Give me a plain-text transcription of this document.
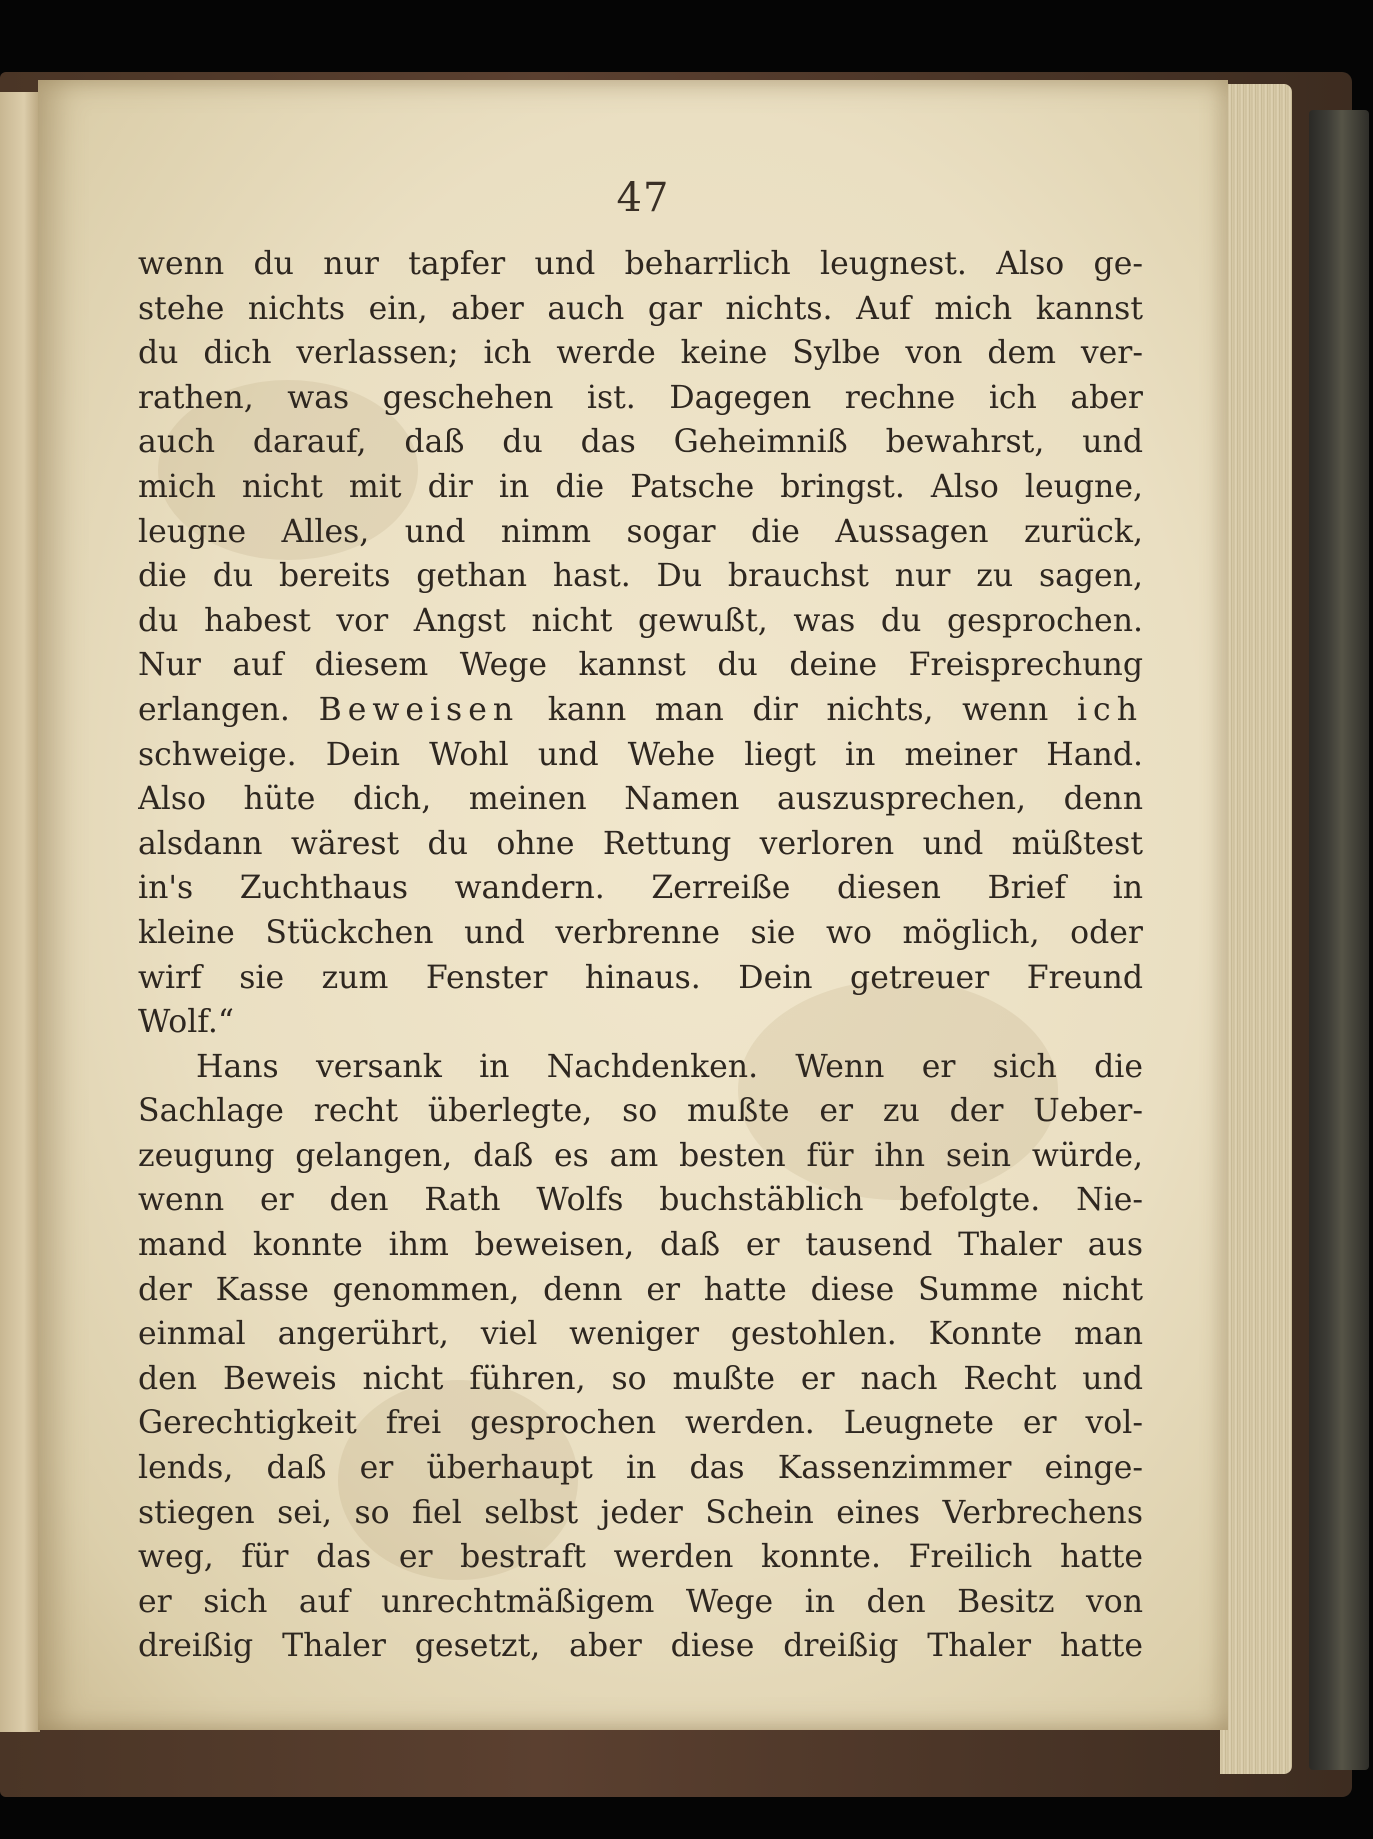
47
wenn du nur tapfer und beharrlich leugnest. Also ge-
stehe nichts ein, aber auch gar nichts. Auf mich kannst
du dich verlassen; ich werde keine Sylbe von dem ver-
rathen, was geschehen ist. Dagegen rechne ich aber
auch darauf, daß du das Geheimniß bewahrst, und
mich nicht mit dir in die Patsche bringst. Also leugne,
leugne Alles, und nimm sogar die Aussagen zurück,
die du bereits gethan hast. Du brauchst nur zu sagen,
du habest vor Angst nicht gewußt, was du gesprochen.
Nur auf diesem Wege kannst du deine Freisprechung
erlangen. Beweisen kann man dir nichts, wenn ich
schweige. Dein Wohl und Wehe liegt in meiner Hand.
Also hüte dich, meinen Namen auszusprechen, denn
alsdann wärest du ohne Rettung verloren und müßtest
in's Zuchthaus wandern. Zerreiße diesen Brief in
kleine Stückchen und verbrenne sie wo möglich, oder
wirf sie zum Fenster hinaus. Dein getreuer Freund
Wolf.“
Hans versank in Nachdenken. Wenn er sich die
Sachlage recht überlegte, so mußte er zu der Ueber-
zeugung gelangen, daß es am besten für ihn sein würde,
wenn er den Rath Wolfs buchstäblich befolgte. Nie-
mand konnte ihm beweisen, daß er tausend Thaler aus
der Kasse genommen, denn er hatte diese Summe nicht
einmal angerührt, viel weniger gestohlen. Konnte man
den Beweis nicht führen, so mußte er nach Recht und
Gerechtigkeit frei gesprochen werden. Leugnete er vol-
lends, daß er überhaupt in das Kassenzimmer einge-
stiegen sei, so fiel selbst jeder Schein eines Verbrechens
weg, für das er bestraft werden konnte. Freilich hatte
er sich auf unrechtmäßigem Wege in den Besitz von
dreißig Thaler gesetzt, aber diese dreißig Thaler hatte
